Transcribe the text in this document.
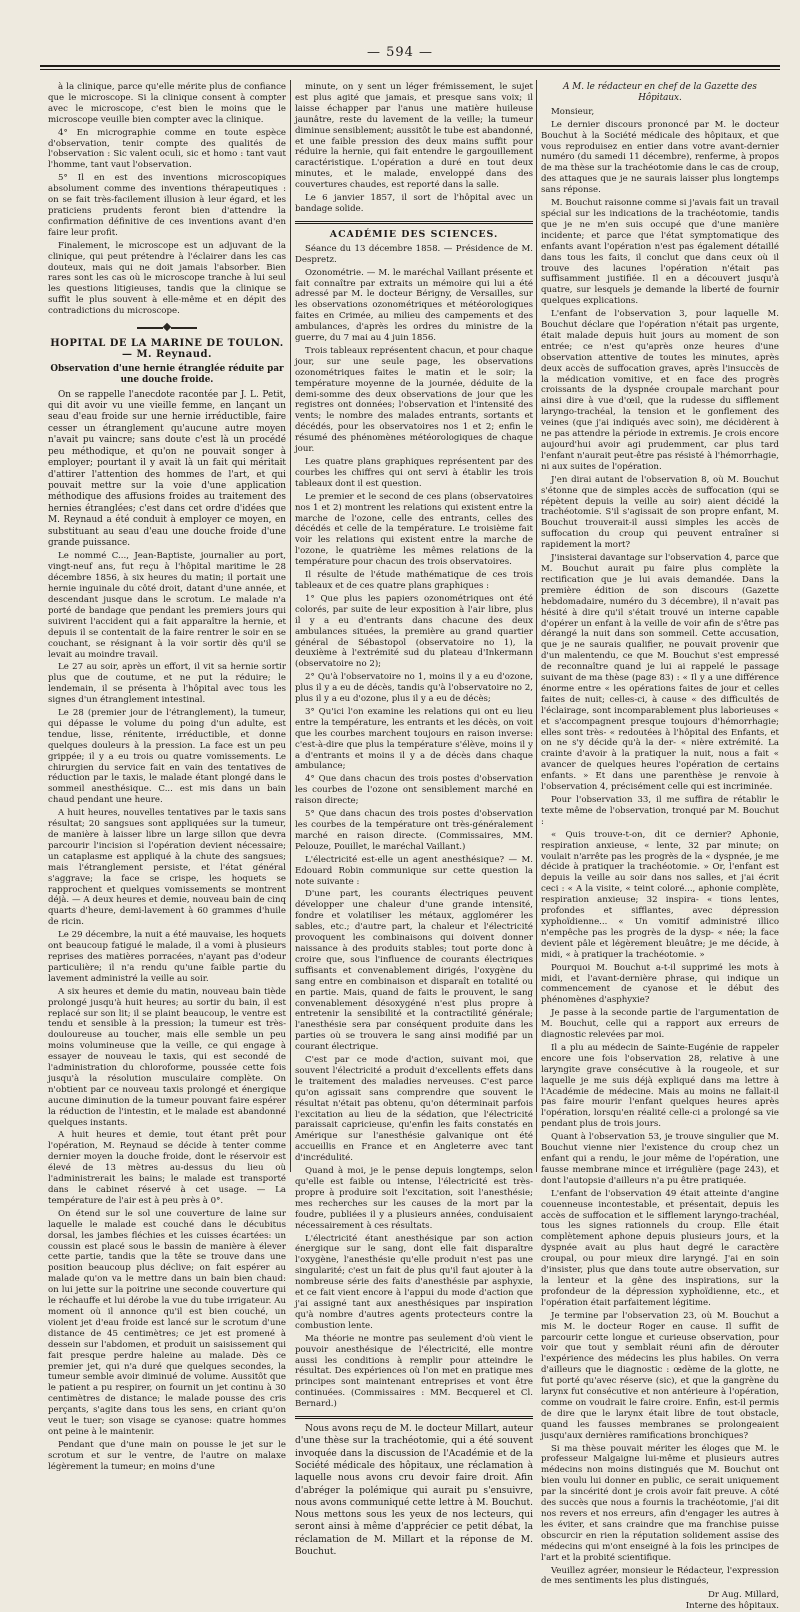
— 594 —

à la clinique, parce qu'elle mérite plus de confiance que le microscope. Si la clinique consent à compter avec le microscope, c'est bien le moins que le microscope veuille bien compter avec la clinique.

4° En micrographie comme en toute espèce d'observation, tenir compte des qualités de l'observation : Sic valent oculi, sic et homo : tant vaut l'homme, tant vaut l'observation.

5° Il en est des inventions microscopiques absolument comme des inventions thérapeutiques : on se fait très-facilement illusion à leur égard, et les praticiens prudents feront bien d'attendre la confirmation définitive de ces inventions avant d'en faire leur profit.

Finalement, le microscope est un adjuvant de la clinique, qui peut prétendre à l'éclairer dans les cas douteux, mais qui ne doit jamais l'absorber. Bien rares sont les cas où le microscope tranche à lui seul les questions litigieuses, tandis que la clinique se suffit le plus souvent à elle-même et en dépit des contradictions du microscope.

HOPITAL DE LA MARINE DE TOULON. — M. Reynaud.
Observation d'une hernie étranglée réduite par une douche froide.

On se rappelle l'anecdote racontée par J. L. Petit, qui dit avoir vu une vieille femme, en lançant un seau d'eau froide sur une hernie irréductible, faire cesser un étranglement qu'aucune autre moyen n'avait pu vaincre; sans doute c'est là un procédé peu méthodique, et qu'on ne pouvait songer à employer; pourtant il y avait là un fait qui méritait d'attirer l'attention des hommes de l'art, et qui pouvait mettre sur la voie d'une application méthodique des affusions froides au traitement des hernies étranglées; c'est dans cet ordre d'idées que M. Reynaud a été conduit à employer ce moyen, en substituant au seau d'eau une douche froide d'une grande puissance.

Le nommé C..., Jean-Baptiste, journalier au port, vingt-neuf ans, fut reçu à l'hôpital maritime le 28 décembre 1856, à six heures du matin; il portait une hernie inguinale du côté droit, datant d'une année, et descendant jusque dans le scrotum. Le malade n'a porté de bandage que pendant les premiers jours qui suivirent l'accident qui a fait apparaître la hernie, et depuis il se contentait de la faire rentrer le soir en se couchant, se résignant à la voir sortir dès qu'il se levait au moindre travail.

Le 27 au soir, après un effort, il vit sa hernie sortir plus que de coutume, et ne put la réduire; le lendemain, il se présenta à l'hôpital avec tous les signes d'un étranglement intestinal.

Le 28 (premier jour de l'étranglement), la tumeur, qui dépasse le volume du poing d'un adulte, est tendue, lisse, rénitente, irréductible, et donne quelques douleurs à la pression. La face est un peu grippée; il y a eu trois ou quatre vomissements. Le chirurgien du service fait en vain des tentatives de réduction par le taxis, le malade étant plongé dans le sommeil anesthésique. C... est mis dans un bain chaud pendant une heure.

A huit heures, nouvelles tentatives par le taxis sans résultat; 20 sangsues sont appliquées sur la tumeur, de manière à laisser libre un large sillon que devra parcourir l'incision si l'opération devient nécessaire; un cataplasme est appliqué à la chute des sangsues; mais l'étranglement persiste, et l'état général s'aggrave; la face se crispe, les hoquets se rapprochent et quelques vomissements se montrent déjà. — A deux heures et demie, nouveau bain de cinq quarts d'heure, demi-lavement à 60 grammes d'huile de ricin.

Le 29 décembre, la nuit a été mauvaise, les hoquets ont beaucoup fatigué le malade, il a vomi à plusieurs reprises des matières porracées, n'ayant pas d'odeur particulière; il n'a rendu qu'une faible partie du lavement administré la veille au soir.

A six heures et demie du matin, nouveau bain tiède prolongé jusqu'à huit heures; au sortir du bain, il est replacé sur son lit; il se plaint beaucoup, le ventre est tendu et sensible à la pression; la tumeur est très-douloureuse au toucher, mais elle semble un peu moins volumineuse que la veille, ce qui engage à essayer de nouveau le taxis, qui est secondé de l'administration du chloroforme, poussée cette fois jusqu'à la résolution musculaire complète. On n'obtient par ce nouveau taxis prolongé et énergique aucune diminution de la tumeur pouvant faire espérer la réduction de l'intestin, et le malade est abandonné quelques instants.

A huit heures et demie, tout étant prêt pour l'opération, M. Reynaud se décide à tenter comme dernier moyen la douche froide, dont le réservoir est élevé de 13 mètres au-dessus du lieu où l'administrerait les bains; le malade est transporté dans le cabinet réservé à cet usage. — La température de l'air est à peu près à 0°.

On étend sur le sol une couverture de laine sur laquelle le malade est couché dans le décubitus dorsal, les jambes fléchies et les cuisses écartées: un coussin est placé sous le bassin de manière à élever cette partie, tandis que la tête se trouve dans une position beaucoup plus déclive; on fait espérer au malade qu'on va le mettre dans un bain bien chaud: on lui jette sur la poitrine une seconde couverture qui le réchauffe et lui dérobe la vue du tube irrigateur. Au moment où il annonce qu'il est bien couché, un violent jet d'eau froide est lancé sur le scrotum d'une distance de 45 centimètres; ce jet est promené à dessein sur l'abdomen, et produit un saisissement qui fait presque perdre haleine au malade. Dès ce premier jet, qui n'a duré que quelques secondes, la tumeur semble avoir diminué de volume. Aussitôt que le patient a pu respirer, on fournit un jet continu à 30 centimètres de distance; le malade pousse des cris perçants, s'agite dans tous les sens, en criant qu'on veut le tuer; son visage se cyanose: quatre hommes ont peine à le maintenir.

Pendant que d'une main on pousse le jet sur le scrotum et sur le ventre, de l'autre on malaxe légèrement la tumeur; en moins d'une

minute, on y sent un léger frémissement, le sujet est plus agité que jamais, et presque sans voix; il laisse échapper par l'anus une matière huileuse jaunâtre, reste du lavement de la veille; la tumeur diminue sensiblement; aussitôt le tube est abandonné, et une faible pression des deux mains suffit pour réduire la hernie, qui fait entendre le gargouillement caractéristique. L'opération a duré en tout deux minutes, et le malade, enveloppé dans des couvertures chaudes, est reporté dans la salle.

Le 6 janvier 1857, il sort de l'hôpital avec un bandage solide.

ACADÉMIE DES SCIENCES.

Séance du 13 décembre 1858. — Présidence de M. Despretz.

Ozonométrie. — M. le maréchal Vaillant présente et fait connaître par extraits un mémoire qui lui a été adressé par M. le docteur Bérigny, de Versailles, sur les observations ozonométriques et météorologiques faites en Crimée, au milieu des campements et des ambulances, d'après les ordres du ministre de la guerre, du 7 mai au 4 juin 1856.

Trois tableaux représentent chacun, et pour chaque jour, sur une seule page, les observations ozonométriques faites le matin et le soir; la température moyenne de la journée, déduite de la demi-somme des deux observations de jour que les registres ont données; l'observation et l'intensité des vents; le nombre des malades entrants, sortants et décédés, pour les observatoires nos 1 et 2; enfin le résumé des phénomènes météorologiques de chaque jour.

Les quatre plans graphiques représentent par des courbes les chiffres qui ont servi à établir les trois tableaux dont il est question.

Le premier et le second de ces plans (observatoires nos 1 et 2) montrent les relations qui existent entre la marche de l'ozone, celle des entrants, celles des décédés et celle de la température. Le troisième fait voir les relations qui existent entre la marche de l'ozone, le quatrième les mêmes relations de la température pour chacun des trois observatoires.

Il résulte de l'étude mathématique de ces trois tableaux et de ces quatre plans graphiques :

1° Que plus les papiers ozonométriques ont été colorés, par suite de leur exposition à l'air libre, plus il y a eu d'entrants dans chacune des deux ambulances situées, la première au grand quartier général de Sébastopol (observatoire no 1), la deuxième à l'extrémité sud du plateau d'Inkermann (observatoire no 2);

2° Qu'à l'observatoire no 1, moins il y a eu d'ozone, plus il y a eu de décès, tandis qu'à l'observatoire no 2, plus il y a eu d'ozone, plus il y a eu de décès;

3° Qu'ici l'on examine les relations qui ont eu lieu entre la température, les entrants et les décès, on voit que les courbes marchent toujours en raison inverse: c'est-à-dire que plus la température s'élève, moins il y a d'entrants et moins il y a de décès dans chaque ambulance;

4° Que dans chacun des trois postes d'observation les courbes de l'ozone ont sensiblement marché en raison directe;

5° Que dans chacun des trois postes d'observation les courbes de la température ont très-généralement marché en raison directe. (Commissaires, MM. Pelouze, Pouillet, le maréchal Vaillant.)

L'électricité est-elle un agent anesthésique? — M. Edouard Robin communique sur cette question la note suivante :

D'une part, les courants électriques peuvent développer une chaleur d'une grande intensité, fondre et volatiliser les métaux, agglomérer les sables, etc.; d'autre part, la chaleur et l'électricité provoquent les combinaisons qui doivent donner naissance à des produits stables; tout porte donc à croire que, sous l'influence de courants électriques suffisants et convenablement dirigés, l'oxygène du sang entre en combinaison et disparaît en totalité ou en partie. Mais, quand de faits le prouvent, le sang convenablement désoxygéné n'est plus propre à entretenir la sensibilité et la contractilité générale; l'anesthésie sera par conséquent produite dans les parties où se trouvera le sang ainsi modifié par un courant électrique.

C'est par ce mode d'action, suivant moi, que souvent l'électricité a produit d'excellents effets dans le traitement des maladies nerveuses. C'est parce qu'on agissait sans comprendre que souvent le résultat n'était pas obtenu, qu'on déterminait parfois l'excitation au lieu de la sédation, que l'électricité paraissait capricieuse, qu'enfin les faits constatés en Amérique sur l'anesthésie galvanique ont été accueillis en France et en Angleterre avec tant d'incrédulité.

Quand à moi, je le pense depuis longtemps, selon qu'elle est faible ou intense, l'électricité est très-propre à produire soit l'excitation, soit l'anesthésie; mes recherches sur les causes de la mort par la foudre, publiées il y a plusieurs années, conduisaient nécessairement à ces résultats.

L'électricité étant anesthésique par son action énergique sur le sang, dont elle fait disparaître l'oxygène, l'anesthésie qu'elle produit n'est pas une singularité; c'est un fait de plus qu'il faut ajouter à la nombreuse série des faits d'anesthésie par asphyxie, et ce fait vient encore à l'appui du mode d'action que j'ai assigné tant aux anesthésiques par inspiration qu'à nombre d'autres agents protecteurs contre la combustion lente.

Ma théorie ne montre pas seulement d'où vient le pouvoir anesthésique de l'électricité, elle montre aussi les conditions à remplir pour atteindre le résultat. Des expériences où l'on met en pratique mes principes sont maintenant entreprises et vont être continuées. (Commissaires : MM. Becquerel et Cl. Bernard.)

Nous avons reçu de M. le docteur Millart, auteur d'une thèse sur la trachéotomie, qui a été souvent invoquée dans la discussion de l'Académie et de la Société médicale des hôpitaux, une réclamation à laquelle nous avons cru devoir faire droit. Afin d'abréger la polémique qui aurait pu s'ensuivre, nous avons communiqué cette lettre à M. Bouchut. Nous mettons sous les yeux de nos lecteurs, qui seront ainsi à même d'apprécier ce petit débat, la réclamation de M. Millart et la réponse de M. Bouchut.

A M. le rédacteur en chef de la Gazette des Hôpitaux.

Monsieur,

Le dernier discours prononcé par M. le docteur Bouchut à la Société médicale des hôpitaux, et que vous reproduisez en entier dans votre avant-dernier numéro (du samedi 11 décembre), renferme, à propos de ma thèse sur la trachéotomie dans le cas de croup, des attaques que je ne saurais laisser plus longtemps sans réponse.

M. Bouchut raisonne comme si j'avais fait un travail spécial sur les indications de la trachéotomie, tandis que je ne m'en suis occupé que d'une manière incidente; et parce que l'état symptomatique des enfants avant l'opération n'est pas également détaillé dans tous les faits, il conclut que dans ceux où il trouve des lacunes l'opération n'était pas suffisamment justifiée. Il en a découvert jusqu'à quatre, sur lesquels je demande la liberté de fournir quelques explications.

L'enfant de l'observation 3, pour laquelle M. Bouchut déclare que l'opération n'était pas urgente, était malade depuis huit jours au moment de son entrée; ce n'est qu'après onze heures d'une observation attentive de toutes les minutes, après deux accès de suffocation graves, après l'insuccès de la médication vomitive, et en face des progrès croissants de la dyspnée croupale marchant pour ainsi dire à vue d'œil, que la rudesse du sifflement laryngo-trachéal, la tension et le gonflement des veines (que j'ai indiqués avec soin), me décidèrent à ne pas attendre la période in extremis. Je crois encore aujourd'hui avoir agi prudemment, car plus tard l'enfant n'aurait peut-être pas résisté à l'hémorrhagie, ni aux suites de l'opération.

J'en dirai autant de l'observation 8, où M. Bouchut s'étonne que de simples accès de suffocation (qui se répètent depuis la veille au soir) aient décidé la trachéotomie. S'il s'agissait de son propre enfant, M. Bouchut trouverait-il aussi simples les accès de suffocation du croup qui peuvent entraîner si rapidement la mort?

J'insisterai davantage sur l'observation 4, parce que M. Bouchut aurait pu faire plus complète la rectification que je lui avais demandée. Dans la première édition de son discours (Gazette hebdomadaire, numéro du 3 décembre), il n'avait pas hésité à dire qu'il s'était trouvé un interne capable d'opérer un enfant à la veille de voir afin de s'être pas dérangé la nuit dans son sommeil. Cette accusation, que je ne saurais qualifier, ne pouvait provenir que d'un malentendu, ce que M. Bouchut s'est empressé de reconnaître quand je lui ai rappelé le passage suivant de ma thèse (page 83) : « Il y a une différence énorme entre « les opérations faites de jour et celles faites de nuit; celles-ci, à cause « des difficultés de l'éclairage, sont incomparablement plus laborieuses « et s'accompagnent presque toujours d'hémorrhagie; elles sont très- « redoutées à l'hôpital des Enfants, et on ne s'y décide qu'à la der- « nière extrémité. La crainte d'avoir à la pratiquer la nuit, nous a fait « avancer de quelques heures l'opération de certains enfants. » Et dans une parenthèse je renvoie à l'observation 4, précisément celle qui est incriminée.

Pour l'observation 33, il me suffira de rétablir le texte même de l'observation, tronqué par M. Bouchut :

« Quis trouve-t-on, dit ce dernier? Aphonie, respiration anxieuse, « lente, 32 par minute; on voulait n'arrête pas les progrès de la « dyspnée, je me décide à pratiquer la trachéotomie. » Or, l'enfant est depuis la veille au soir dans nos salles, et j'ai écrit ceci : « A la visite, « teint coloré..., aphonie complète, respiration anxieuse; 32 inspira- « tions lentes, profondes et sifflantes, avec dépression xyphoïdienne... « Un vomitif administré illico n'empêche pas les progrès de la dysp- « née; la face devient pâle et légèrement bleuâtre; je me décide, à midi, « à pratiquer la trachéotomie. »

Pourquoi M. Bouchut a-t-il supprimé les mots à midi, et l'avant-dernière phrase, qui indique un commencement de cyanose et le début des phénomènes d'asphyxie?

Je passe à la seconde partie de l'argumentation de M. Bouchut, celle qui a rapport aux erreurs de diagnostic relevées par moi.

Il a plu au médecin de Sainte-Eugénie de rappeler encore une fois l'observation 28, relative à une laryngite grave consécutive à la rougeole, et sur laquelle je me suis déjà expliqué dans ma lettre à l'Académie de médecine. Mais au moins ne fallait-il pas faire mourir l'enfant quelques heures après l'opération, lorsqu'en réalité celle-ci a prolongé sa vie pendant plus de trois jours.

Quant à l'observation 53, je trouve singulier que M. Bouchut vienne nier l'existence du croup chez un enfant qui a rendu, le jour même de l'opération, une fausse membrane mince et irrégulière (page 243), et dont l'autopsie d'ailleurs n'a pu être pratiquée.

L'enfant de l'observation 49 était atteinte d'angine couenneuse incontestable, et présentait, depuis les accès de suffocation et le sifflement laryngo-trachéal, tous les signes rationnels du croup. Elle était complètement aphone depuis plusieurs jours, et la dyspnée avait au plus haut degré le caractère croupal, ou pour mieux dire laryngé. J'ai en soin d'insister, plus que dans toute autre observation, sur la lenteur et la gêne des inspirations, sur la profondeur de la dépression xyphoïdienne, etc., et l'opération était parfaitement légitime.

Je termine par l'observation 23, où M. Bouchut a mis M. le docteur Roger en cause. Il suffit de parcourir cette longue et curieuse observation, pour voir que tout y semblait réuni afin de dérouter l'expérience des médecins les plus habiles. On verra d'ailleurs que le diagnostic : œdème de la glotte, ne fut porté qu'avec réserve (sic), et que la gangrène du larynx fut consécutive et non antérieure à l'opération, comme on voudrait le faire croire. Enfin, est-il permis de dire que le larynx était libre de tout obstacle, quand les fausses membranes se prolongeaient jusqu'aux dernières ramifications bronchiques?

Si ma thèse pouvait mériter les éloges que M. le professeur Malgaigne lui-même et plusieurs autres médecins non moins distingués que M. Bouchut ont bien voulu lui donner en public, ce serait uniquement par la sincérité dont je crois avoir fait preuve. A côté des succès que nous a fournis la trachéotomie, j'ai dit nos revers et nos erreurs, afin d'engager les autres à les éviter, et sans craindre que ma franchise puisse obscurcir en rien la réputation solidement assise des médecins qui m'ont enseigné à la fois les principes de l'art et la probité scientifique.

Veuillez agréer, monsieur le Rédacteur, l'expression de mes sentiments les plus distingués,

Dr Aug. Millard,
Interne des hôpitaux.
